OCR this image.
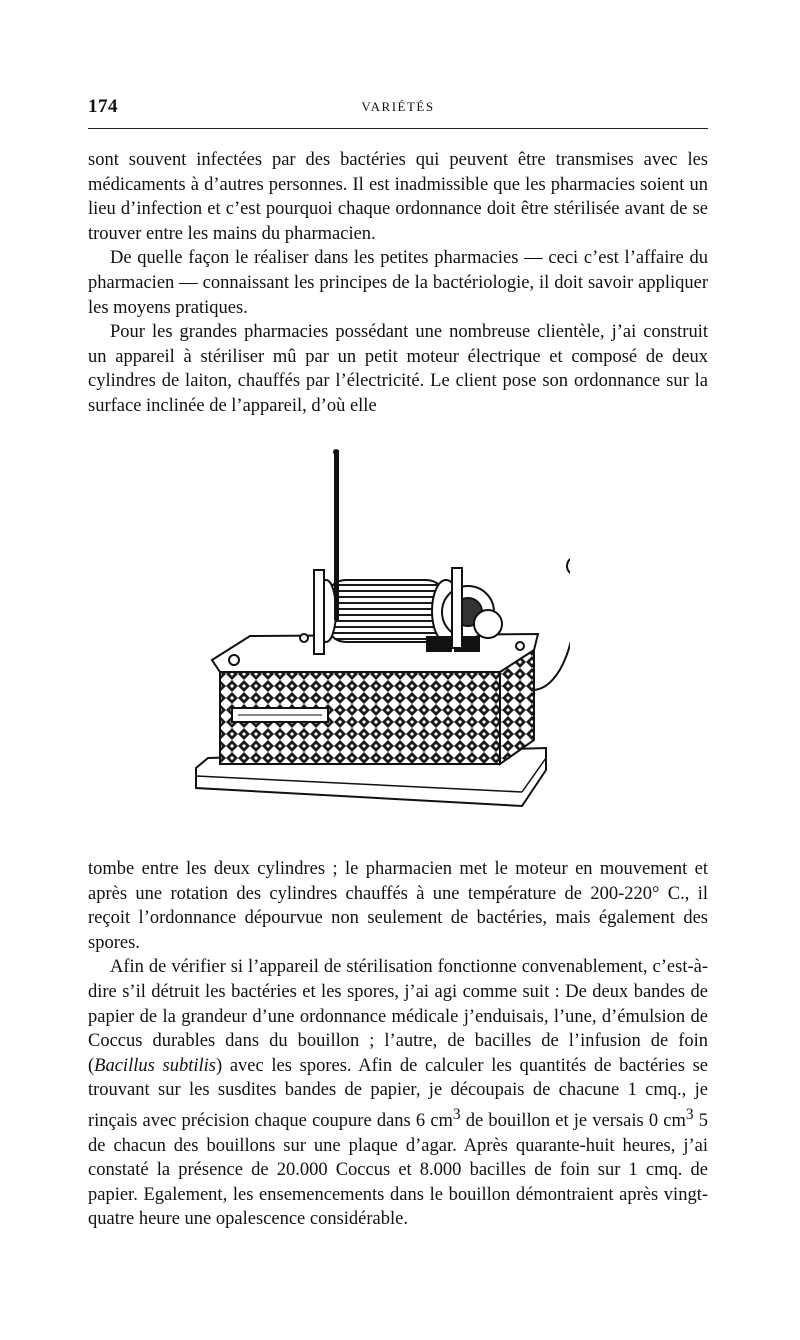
174	VARIÉTÉS

sont souvent infectées par des bactéries qui peuvent être transmises avec les médicaments à d’autres personnes. Il est inadmissible que les pharmacies soient un lieu d’infection et c’est pourquoi chaque ordonnance doit être stérilisée avant de se trouver entre les mains du pharmacien.

De quelle façon le réaliser dans les petites pharmacies — ceci c’est l’affaire du pharmacien — connaissant les principes de la bactériologie, il doit savoir appliquer les moyens pratiques.

Pour les grandes pharmacies possédant une nombreuse clientèle, j’ai construit un appareil à stériliser mû par un petit moteur électrique et composé de deux cylindres de laiton, chauffés par l’électricité. Le client pose son ordonnance sur la surface inclinée de l’appareil, d’où elle

tombe entre les deux cylindres ; le pharmacien met le moteur en mouvement et après une rotation des cylindres chauffés à une température de 200-220° C., il reçoit l’ordonnance dépourvue non seulement de bactéries, mais également des spores.

Afin de vérifier si l’appareil de stérilisation fonctionne convenablement, c’est-à-dire s’il détruit les bactéries et les spores, j’ai agi comme suit : De deux bandes de papier de la grandeur d’une ordonnance médicale j’enduisais, l’une, d’émulsion de Coccus durables dans du bouillon ; l’autre, de bacilles de l’infusion de foin (Bacillus subtilis) avec les spores. Afin de calculer les quantités de bactéries se trouvant sur les susdites bandes de papier, je découpais de chacune 1 cmq., je rinçais avec précision chaque coupure dans 6 $cm^3$ de bouillon et je versais 0 $cm^3$ 5 de chacun des bouillons sur une plaque d’agar. Après quarante-huit heures, j’ai constaté la présence de 20.000 Coccus et 8.000 bacilles de foin sur 1 cmq. de papier. Egalement, les ensemencements dans le bouillon démontraient après vingt-quatre heure une opalescence considérable.
